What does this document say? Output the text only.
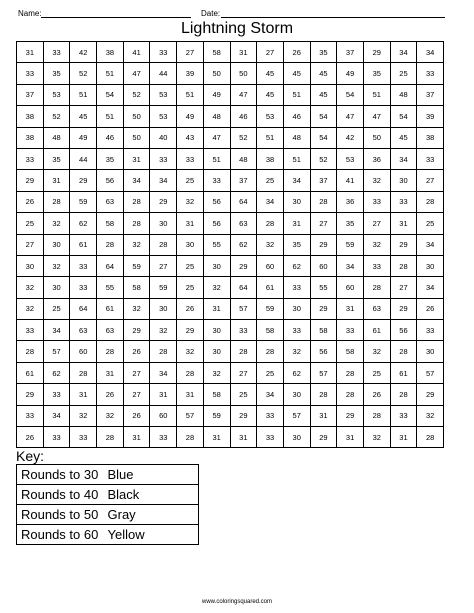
Name:	Date:
Lightning Storm
31	33	42	38	41	33	27	58	31	27	26	35	37	29	34	34
33	35	52	51	47	44	39	50	50	45	45	45	49	35	25	33
37	53	51	54	52	53	51	49	47	45	51	45	54	51	48	37
38	52	45	51	50	53	49	48	46	53	46	54	47	47	54	39
38	48	49	46	50	40	43	47	52	51	48	54	42	50	45	38
33	35	44	35	31	33	33	51	48	38	51	52	53	36	34	33
29	31	29	56	34	34	25	33	37	25	34	37	41	32	30	27
26	28	59	63	28	29	32	56	64	34	30	28	36	33	33	28
25	32	62	58	28	30	31	56	63	28	31	27	35	27	31	25
27	30	61	28	32	28	30	55	62	32	35	29	59	32	29	34
30	32	33	64	59	27	25	30	29	60	62	60	34	33	28	30
32	30	33	55	58	59	25	32	64	61	33	55	60	28	27	34
32	25	64	61	32	30	26	31	57	59	30	29	31	63	29	26
33	34	63	63	29	32	29	30	33	58	33	58	33	61	56	33
28	57	60	28	26	28	32	30	28	28	32	56	58	32	28	30
61	62	28	31	27	34	28	32	27	25	62	57	28	25	61	57
29	33	31	26	27	31	31	58	25	34	30	28	28	26	28	29
33	34	32	32	26	60	57	59	29	33	57	31	29	28	33	32
26	33	33	28	31	33	28	31	31	33	30	29	31	32	31	28
Key:
Rounds to 30	Blue
Rounds to 40	Black
Rounds to 50	Gray
Rounds to 60	Yellow
www.coloringsquared.com
